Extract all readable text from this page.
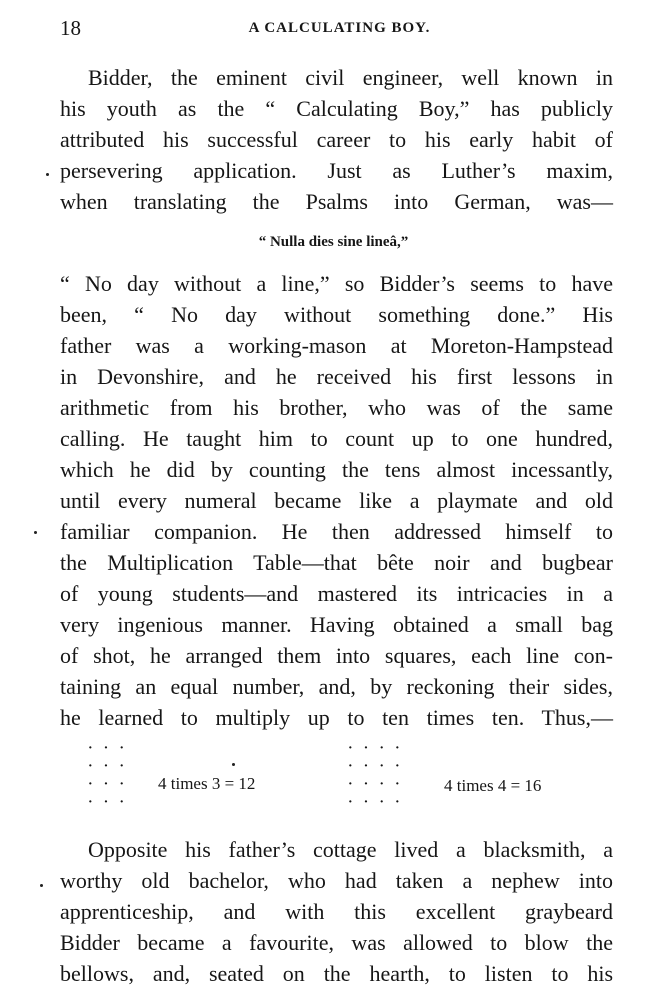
18	A CALCULATING BOY.
Bidder, the eminent civil engineer, well known in
his youth as the “ Calculating Boy,” has publicly
attributed his successful career to his early habit of
persevering application. Just as Luther’s maxim,
when translating the Psalms into German, was—
“ Nulla dies sine lineâ,”
“ No day without a line,” so Bidder’s seems to have
been, “ No day without something done.” His
father was a working-mason at Moreton-Hampstead
in Devonshire, and he received his first lessons in
arithmetic from his brother, who was of the same
calling. He taught him to count up to one hundred,
which he did by counting the tens almost incessantly,
until every numeral became like a playmate and old
familiar companion. He then addressed himself to
the Multiplication Table—that bête noir and bugbear
of young students—and mastered its intricacies in a
very ingenious manner. Having obtained a small bag
of shot, he arranged them into squares, each line con-
taining an equal number, and, by reckoning their sides,
he learned to multiply up to ten times ten. Thus,—
···
···
···
···
4 times 3 = 12
····
····
····
····
4 times 4 = 16
Opposite his father’s cottage lived a blacksmith, a
worthy old bachelor, who had taken a nephew into
apprenticeship, and with this excellent graybeard
Bidder became a favourite, was allowed to blow the
bellows, and, seated on the hearth, to listen to his
